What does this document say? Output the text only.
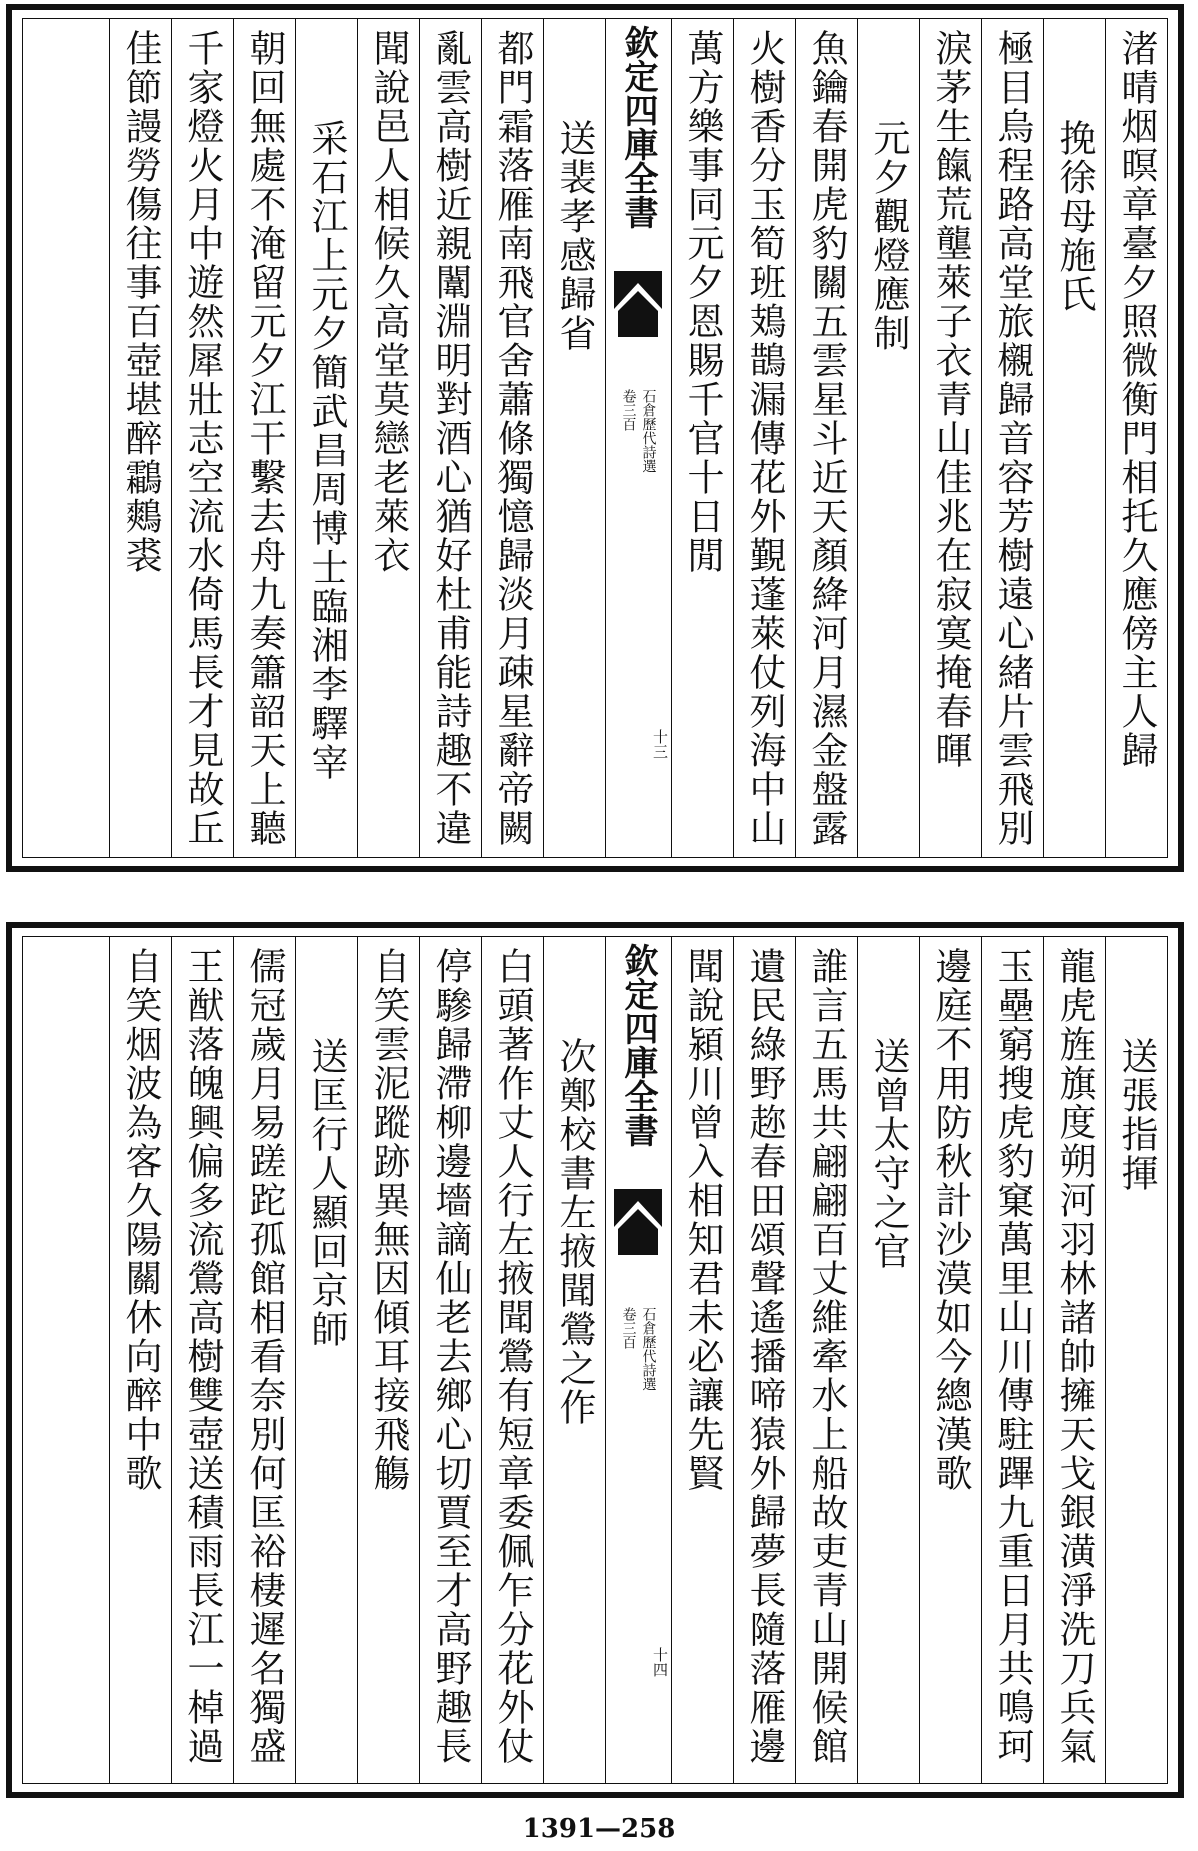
渚晴烟暝章臺夕照微衡門相托久應傍主人歸
挽徐母施氏
極目烏程路高堂旅櫬歸音容芳樹遠心緒片雲飛別
淚茅生餼荒壟萊子衣青山佳兆在寂寞掩春暉
元夕觀燈應制
魚鑰春開虎豹關五雲星斗近天顏絳河月濕金盤露
火樹香分玉筍班鳷鵲漏傳花外覲蓬萊仗列海中山
萬方樂事同元夕恩賜千官十日閒
欽定四庫全書
石倉歷代詩選
卷三百
十三
送裴孝感歸省
都門霜落雁南飛官舍蕭條獨憶歸淡月疎星辭帝闕
亂雲高樹近親闈淵明對酒心猶好杜甫能詩趣不違
聞說邑人相候久高堂莫戀老萊衣
采石江上元夕簡武昌周博士臨湘李驛宰
朝回無處不淹留元夕江干繫去舟九奏簫韶天上聽
千家燈火月中遊然犀壯志空流水倚馬長才見故丘
佳節謾勞傷往事百壺堪醉鸘鷞裘
送張指揮
龍虎旌旗度朔河羽林諸帥擁天戈銀潢淨洗刀兵氣
玉壘窮搜虎豹窠萬里山川傳駐蹕九重日月共鳴珂
邊庭不用防秋計沙漠如今總漢歌
送曾太守之官
誰言五馬共翩翩百丈維牽水上船故吏青山開候館
遺民綠野趂春田頌聲遙播啼猿外歸夢長隨落雁邊
聞說潁川曾入相知君未必讓先賢
欽定四庫全書
石倉歷代詩選
卷三百
十四
次鄭校書左掖聞鶯之作
白頭著作丈人行左掖聞鶯有短章委佩乍分花外仗
停驂歸滯柳邊墻謫仙老去鄉心切賈至才高野趣長
自笑雲泥蹤跡異無因傾耳接飛觴
送匡行人顯回京師
儒冠歲月易蹉跎孤館相看奈別何匡裕棲遲名獨盛
王猷落魄興偏多流鶯高樹雙壺送積雨長江一棹過
自笑烟波為客久陽關休向醉中歌
1391—258
